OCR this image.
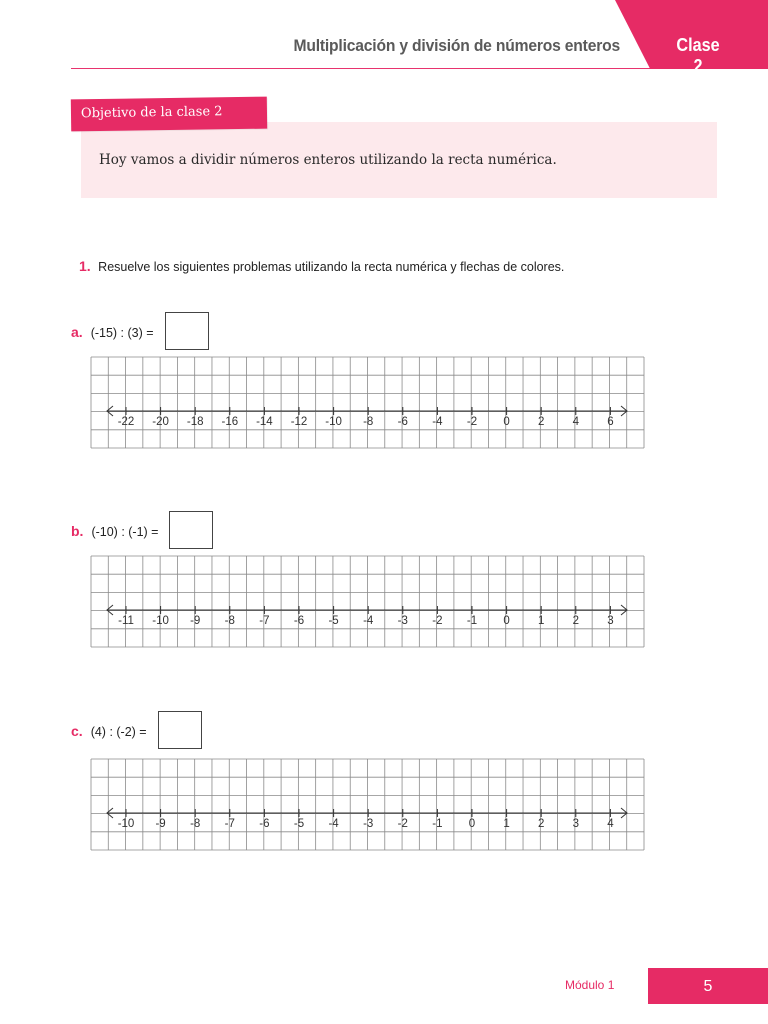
Multiplicación y división de números enteros	Clase 2
Objetivo de la clase 2
Hoy vamos a dividir números enteros utilizando la recta numérica.
1. Resuelve los siguientes problemas utilizando la recta numérica y flechas de colores.
a. (-15) : (3) =
-22 -20 -18 -16 -14 -12 -10 -8 -6 -4 -2 0 2 4 6
b. (-10) : (-1) =
-11 -10 -9 -8 -7 -6 -5 -4 -3 -2 -1 0 1 2 3
c. (4) : (-2) =
-10 -9 -8 -7 -6 -5 -4 -3 -2 -1 0 1 2 3 4
Módulo 1	5
